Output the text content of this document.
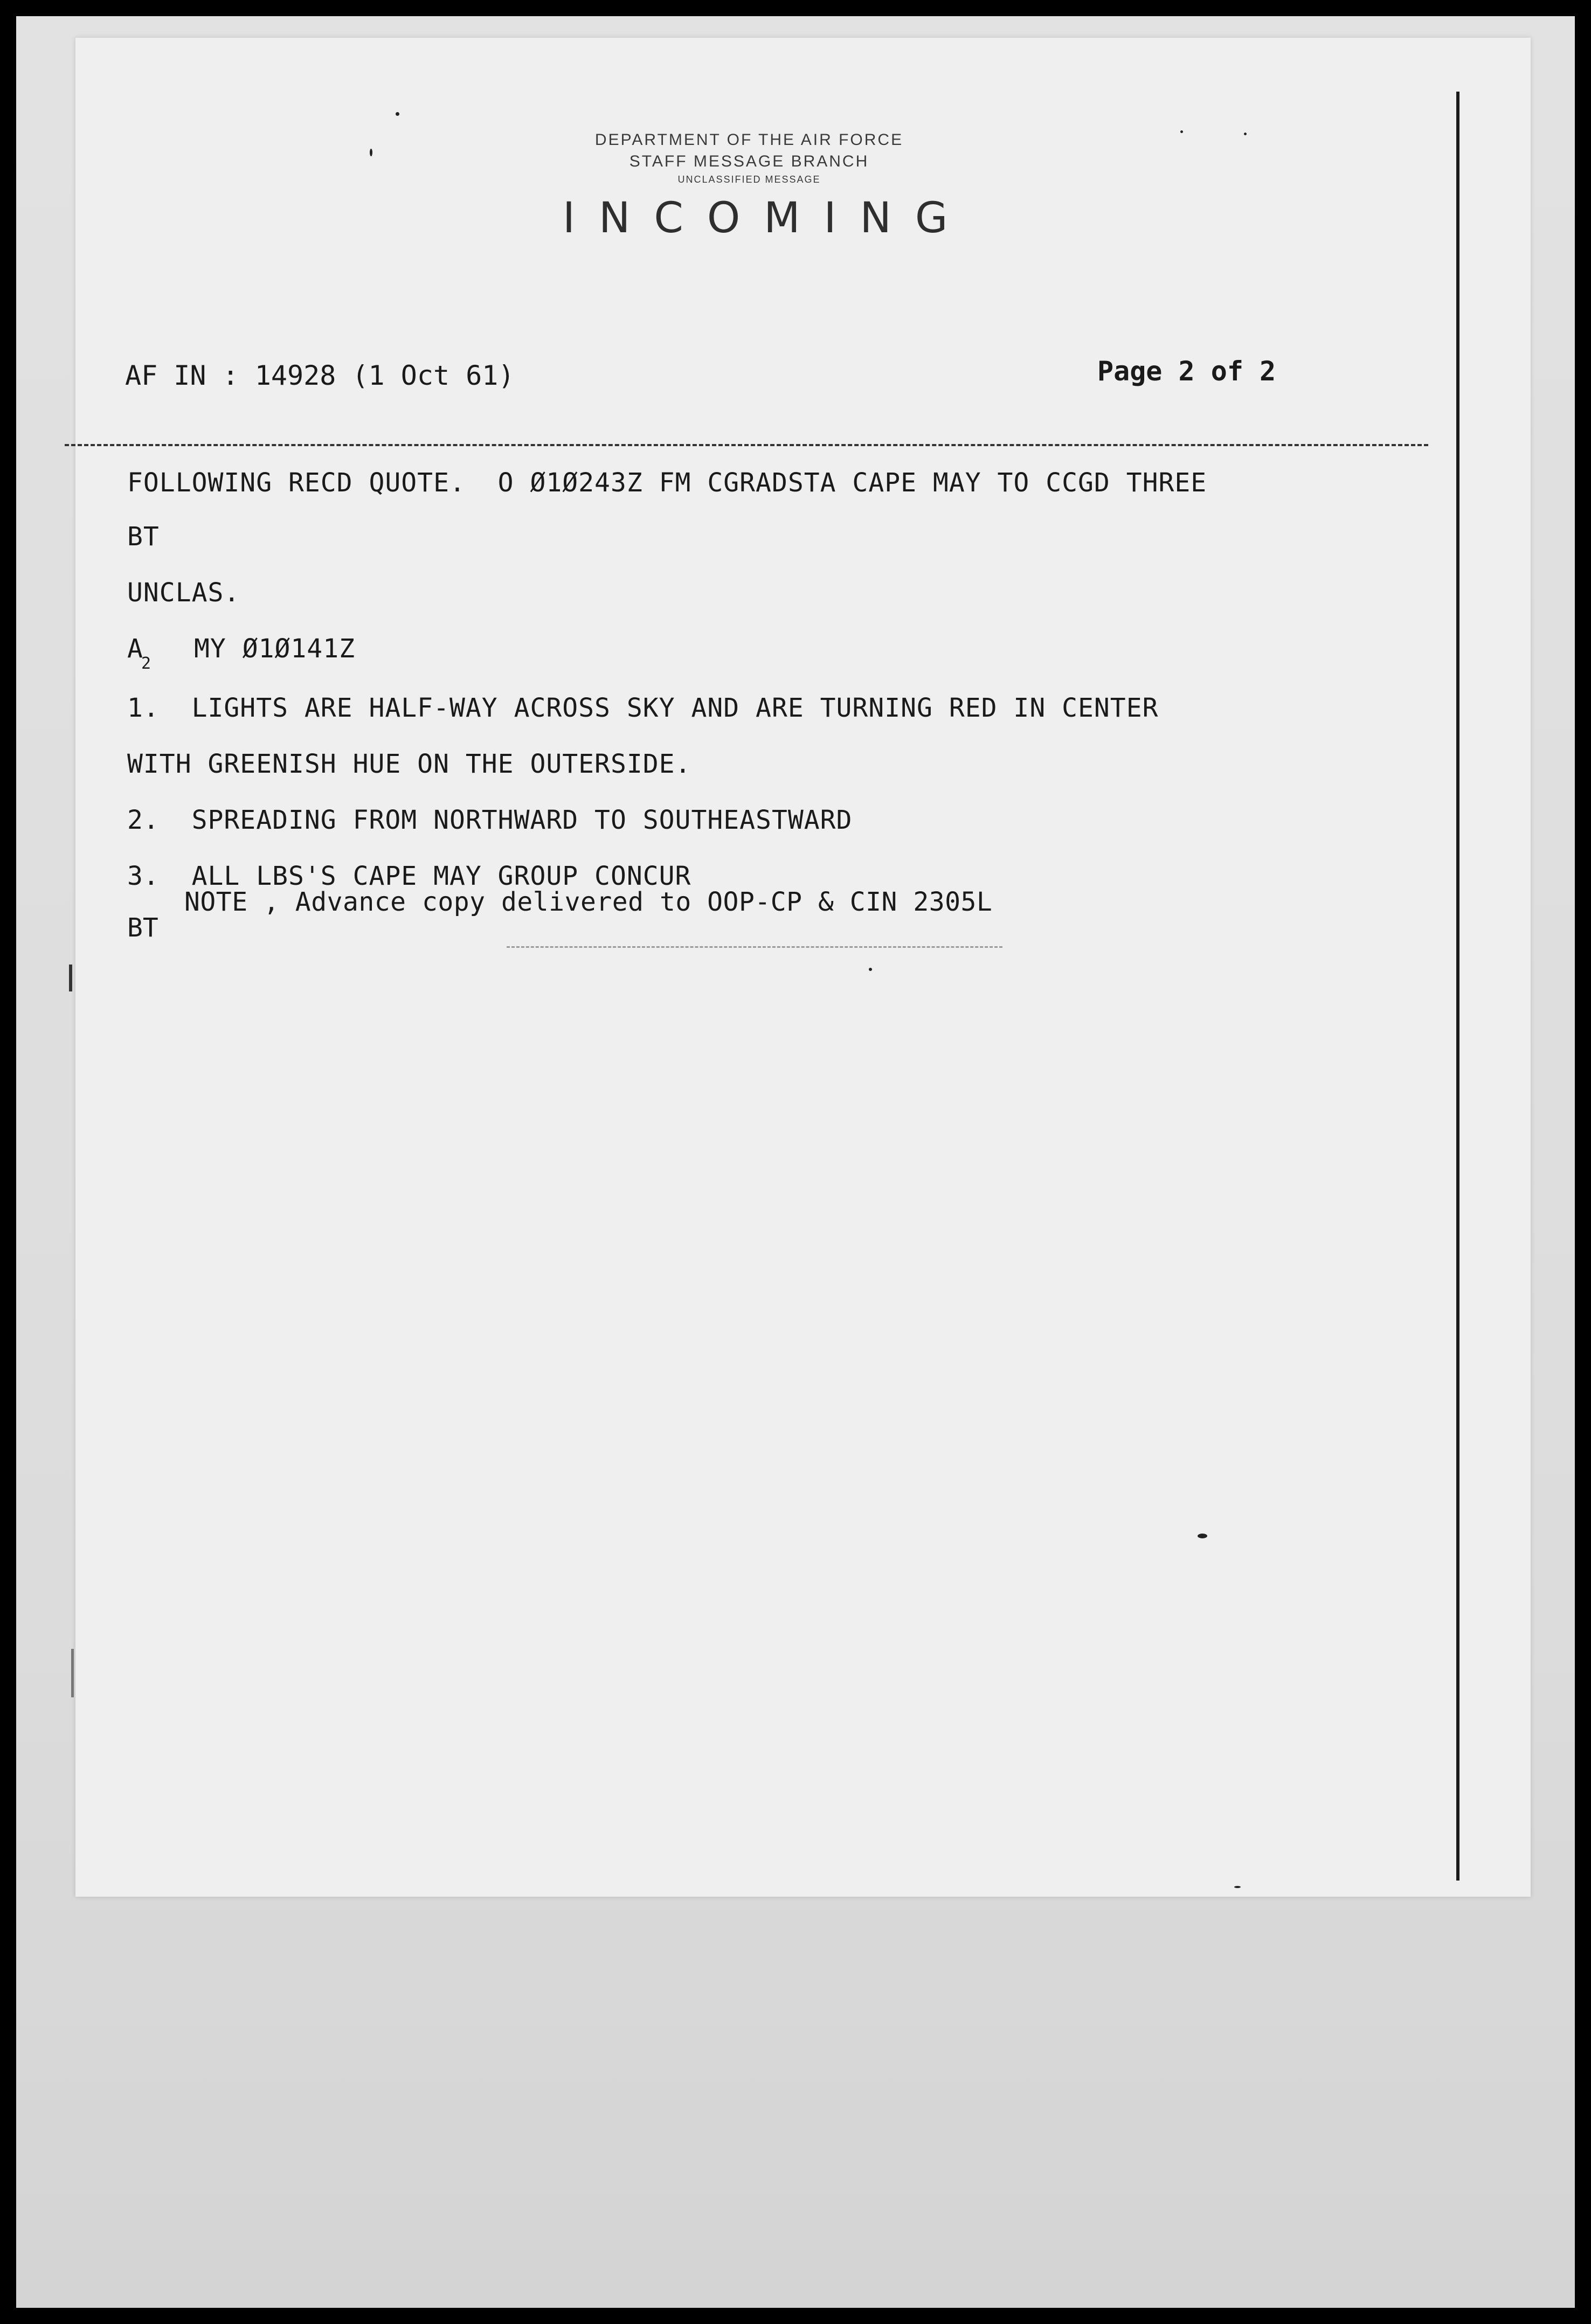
DEPARTMENT OF THE AIR FORCE
STAFF MESSAGE BRANCH
UNCLASSIFIED MESSAGE
INCOMING
AF IN : 14928 (1 Oct 61)	Page 2 of 2
FOLLOWING RECD QUOTE.  O Ø1Ø243Z FM CGRADSTA CAPE MAY TO CCGD THREE
BT
UNCLAS.
A
2 MY Ø1Ø141Z
1.  LIGHTS ARE HALF-WAY ACROSS SKY AND ARE TURNING RED IN CENTER
WITH GREENISH HUE ON THE OUTERSIDE.
2.  SPREADING FROM NORTHWARD TO SOUTHEASTWARD
3.  ALL LBS'S CAPE MAY GROUP CONCUR
NOTE , Advance copy delivered to OOP-CP & CIN 2305L
BT
